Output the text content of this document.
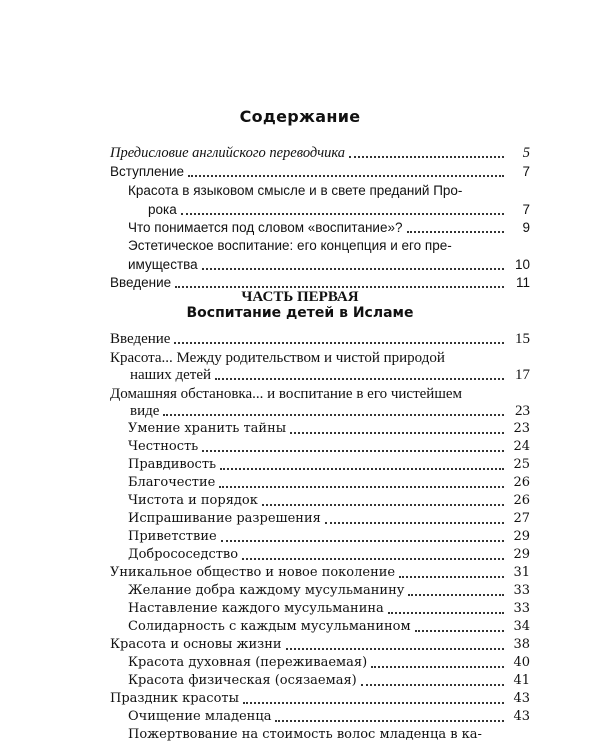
Содержание
Предисловие английского переводчика	5
Вступление	7
Красота в языковом смысле и в свете преданий Про-
рока	7
Что понимается под словом «воспитание»?	9
Эстетическое воспитание: его концепция и его пре-
имущества	10
Введение	11
ЧАСТЬ ПЕРВАЯ
Воспитание детей в Исламе
Введение	15
Красота... Между родительством и чистой природой
наших детей	17
Домашняя обстановка... и воспитание в его чистейшем
виде	23
Умение хранить тайны	23
Честность	24
Правдивость	25
Благочестие	26
Чистота и порядок	26
Испрашивание разрешения	27
Приветствие	29
Добрососедство	29
Уникальное общество и новое поколение	31
Желание добра каждому мусульманину	33
Наставление каждого мусульманина	33
Солидарность с каждым мусульманином	34
Красота и основы жизни	38
Красота духовная (переживаемая)	40
Красота физическая (осязаемая)	41
Праздник красоты	43
Очищение младенца	43
Пожертвование на стоимость волос младенца в ка-
